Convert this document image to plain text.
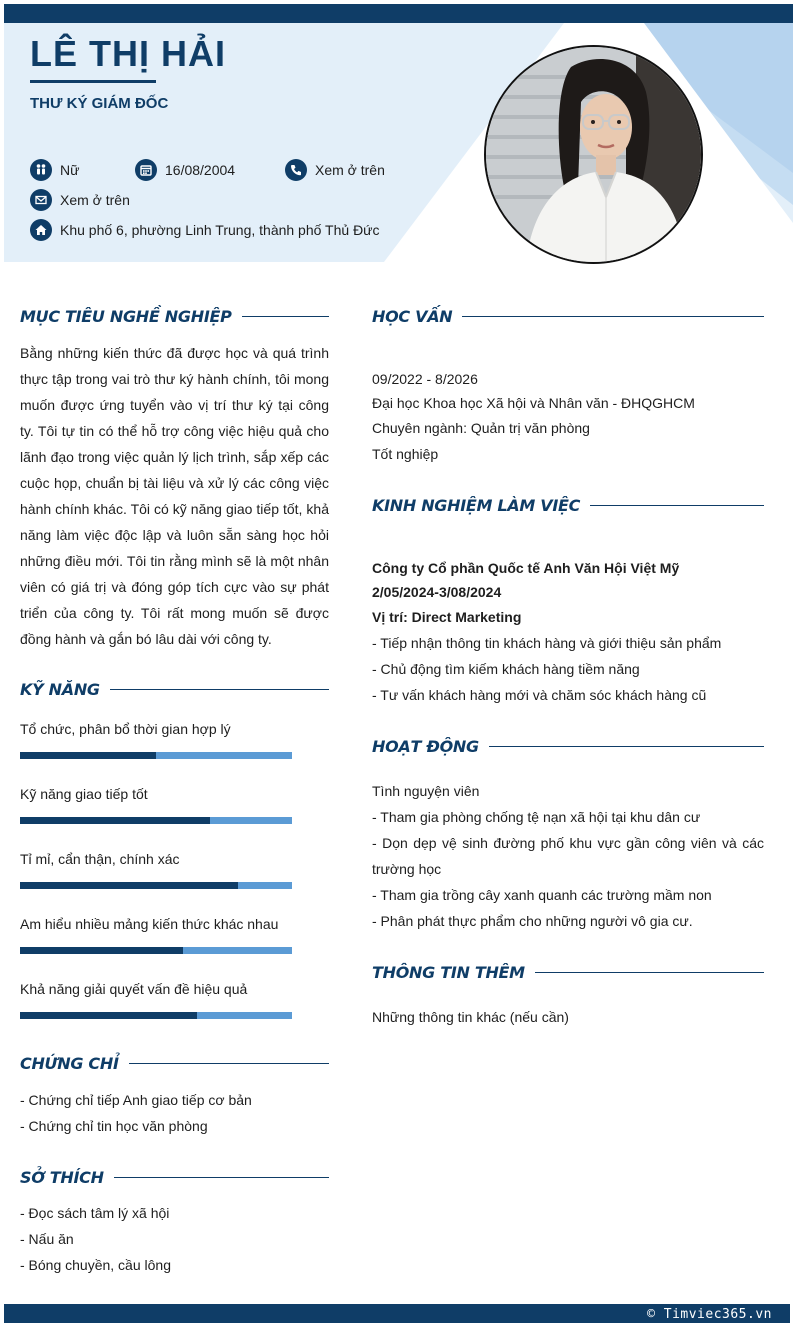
LÊ THỊ HẢI
THƯ KÝ GIÁM ĐỐC
Nữ	16/08/2004	Xem ở trên
Xem ở trên
Khu phố 6, phường Linh Trung, thành phố Thủ Đức
MỤC TIÊU NGHỀ NGHIỆP
Bằng những kiến thức đã được học và quá trình thực tập trong vai trò thư ký hành chính, tôi mong muốn được ứng tuyển vào vị trí thư ký tại công ty. Tôi tự tin có thể hỗ trợ công việc hiệu quả cho lãnh đạo trong việc quản lý lịch trình, sắp xếp các cuộc họp, chuẩn bị tài liệu và xử lý các công việc hành chính khác. Tôi có kỹ năng giao tiếp tốt, khả năng làm việc độc lập và luôn sẵn sàng học hỏi những điều mới. Tôi tin rằng mình sẽ là một nhân viên có giá trị và đóng góp tích cực vào sự phát triển của công ty. Tôi rất mong muốn sẽ được đồng hành và gắn bó lâu dài với công ty.
KỸ NĂNG
Tổ chức, phân bổ thời gian hợp lý
Kỹ năng giao tiếp tốt
Tỉ mỉ, cẩn thận, chính xác
Am hiểu nhiều mảng kiến thức khác nhau
Khả năng giải quyết vấn đề hiệu quả
CHỨNG CHỈ
- Chứng chỉ tiếp Anh giao tiếp cơ bản
- Chứng chỉ tin học văn phòng
SỞ THÍCH
- Đọc sách tâm lý xã hội
- Nấu ăn
- Bóng chuyền, cầu lông
HỌC VẤN
09/2022 - 8/2026
Đại học Khoa học Xã hội và Nhân văn - ĐHQGHCM
Chuyên ngành: Quản trị văn phòng
Tốt nghiệp
KINH NGHIỆM LÀM VIỆC
Công ty Cổ phần Quốc tế Anh Văn Hội Việt Mỹ
2/05/2024-3/08/2024
Vị trí: Direct Marketing
- Tiếp nhận thông tin khách hàng và giới thiệu sản phẩm
- Chủ động tìm kiếm khách hàng tiềm năng
- Tư vấn khách hàng mới và chăm sóc khách hàng cũ
HOẠT ĐỘNG
Tình nguyện viên
- Tham gia phòng chống tệ nạn xã hội tại khu dân cư
- Dọn dẹp vệ sinh đường phố khu vực gần công viên và các trường học
- Tham gia trồng cây xanh quanh các trường mầm non
- Phân phát thực phẩm cho những người vô gia cư.
THÔNG TIN THÊM
Những thông tin khác (nếu cần)
© Timviec365.vn
